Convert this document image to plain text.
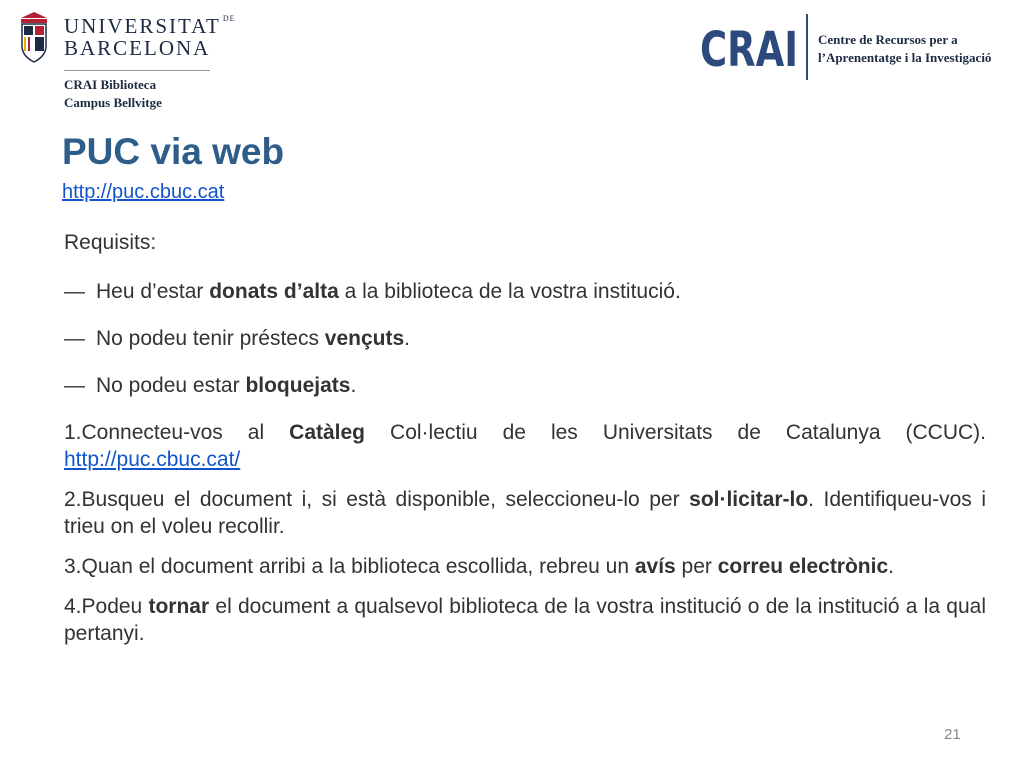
UNIVERSITAT $^{DE}$
BARCELONA
CRAI Biblioteca
Campus Bellvitge
CRAI Centre de Recursos per a
l’Aprenentatge i la Investigació
PUC via web
http://puc.cbuc.cat

Requisits:

— Heu d’estar donats d’alta a la biblioteca de la vostra institució.

— No podeu tenir préstecs vençuts.

— No podeu estar bloquejats.

1.Connecteu-vos al Catàleg Col·lectiu de les Universitats de Catalunya (CCUC). http://puc.cbuc.cat/

2.Busqueu el document i, si està disponible, seleccioneu-lo per sol·licitar-lo. Identifiqueu-vos i trieu on el voleu recollir.

3.Quan el document arribi a la biblioteca escollida, rebreu un avís per correu electrònic.

4.Podeu tornar el document a qualsevol biblioteca de la vostra institució o de la institució a la qual pertanyi.

21
